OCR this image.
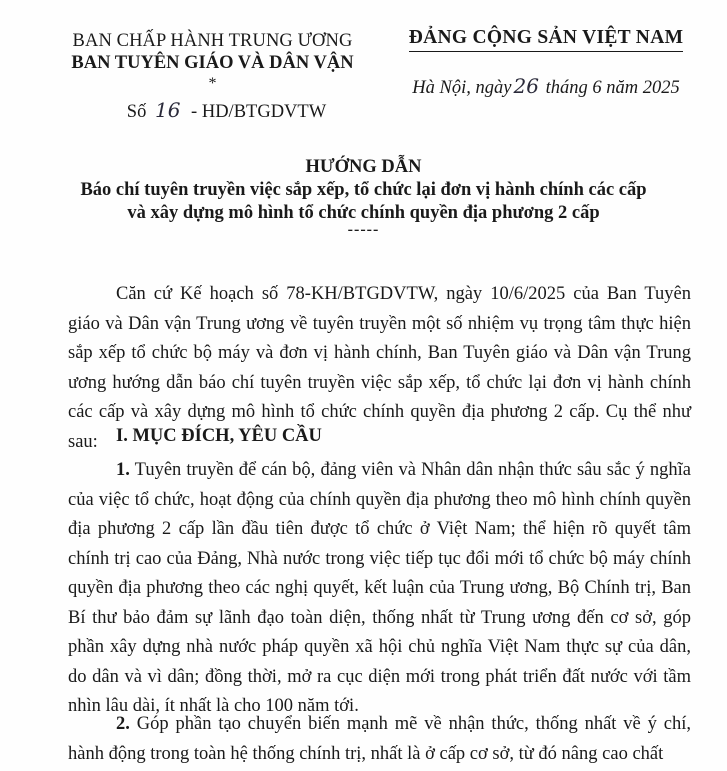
BAN CHẤP HÀNH TRUNG ƯƠNG
BAN TUYÊN GIÁO VÀ DÂN VẬN
*
Số 16 - HD/BTGDVTW
ĐẢNG CỘNG SẢN VIỆT NAM
Hà Nội, ngày 26 tháng 6 năm 2025
HƯỚNG DẪN
Báo chí tuyên truyền việc sắp xếp, tổ chức lại đơn vị hành chính các cấp
và xây dựng mô hình tổ chức chính quyền địa phương 2 cấp
-----

Căn cứ Kế hoạch số 78-KH/BTGDVTW, ngày 10/6/2025 của Ban Tuyên giáo và Dân vận Trung ương về tuyên truyền một số nhiệm vụ trọng tâm thực hiện sắp xếp tổ chức bộ máy và đơn vị hành chính, Ban Tuyên giáo và Dân vận Trung ương hướng dẫn báo chí tuyên truyền việc sắp xếp, tổ chức lại đơn vị hành chính các cấp và xây dựng mô hình tổ chức chính quyền địa phương 2 cấp. Cụ thể như sau: I. MỤC ĐÍCH, YÊU CẦU

1. Tuyên truyền để cán bộ, đảng viên và Nhân dân nhận thức sâu sắc ý nghĩa của việc tổ chức, hoạt động của chính quyền địa phương theo mô hình chính quyền địa phương 2 cấp lần đầu tiên được tổ chức ở Việt Nam; thể hiện rõ quyết tâm chính trị cao của Đảng, Nhà nước trong việc tiếp tục đổi mới tổ chức bộ máy chính quyền địa phương theo các nghị quyết, kết luận của Trung ương, Bộ Chính trị, Ban Bí thư bảo đảm sự lãnh đạo toàn diện, thống nhất từ Trung ương đến cơ sở, góp phần xây dựng nhà nước pháp quyền xã hội chủ nghĩa Việt Nam thực sự của dân, do dân và vì dân; đồng thời, mở ra cục diện mới trong phát triển đất nước với tầm nhìn lâu dài, ít nhất là cho 100 năm tới.

2. Góp phần tạo chuyển biến mạnh mẽ về nhận thức, thống nhất về ý chí, hành động trong toàn hệ thống chính trị, nhất là ở cấp cơ sở, từ đó nâng cao chất
